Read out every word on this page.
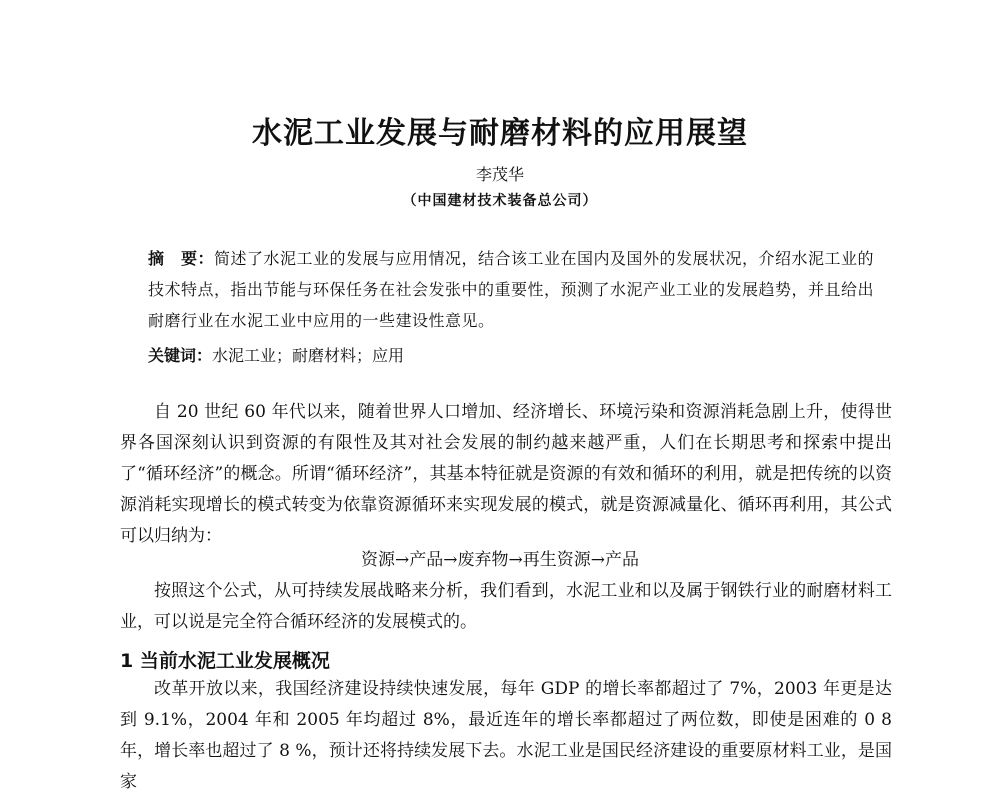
水泥工业发展与耐磨材料的应用展望

李茂华

（中国建材技术装备总公司）

摘　要：简述了水泥工业的发展与应用情况，结合该工业在国内及国外的发展状况，介绍水泥工业的技术特点，指出节能与环保任务在社会发张中的重要性，预测了水泥产业工业的发展趋势，并且给出耐磨行业在水泥工业中应用的一些建设性意见。

关键词：水泥工业；耐磨材料；应用

自 20 世纪 60 年代以来，随着世界人口增加、经济增长、环境污染和资源消耗急剧上升，使得世界各国深刻认识到资源的有限性及其对社会发展的制约越来越严重，人们在长期思考和探索中提出了“循环经济”的概念。所谓“循环经济”，其基本特征就是资源的有效和循环的利用，就是把传统的以资源消耗实现增长的模式转变为依靠资源循环来实现发展的模式，就是资源减量化、循环再利用，其公式可以归纳为：

资源→产品→废弃物→再生资源→产品

按照这个公式，从可持续发展战略来分析，我们看到，水泥工业和以及属于钢铁行业的耐磨材料工业，可以说是完全符合循环经济的发展模式的。

1 当前水泥工业发展概况

改革开放以来，我国经济建设持续快速发展，每年 GDP 的增长率都超过了 7%，2003 年更是达到 9.1%，2004 年和 2005 年均超过 8%，最近连年的增长率都超过了两位数，即使是困难的 0 8 年，增长率也超过了 8 %，预计还将持续发展下去。水泥工业是国民经济建设的重要原材料工业，是国家
